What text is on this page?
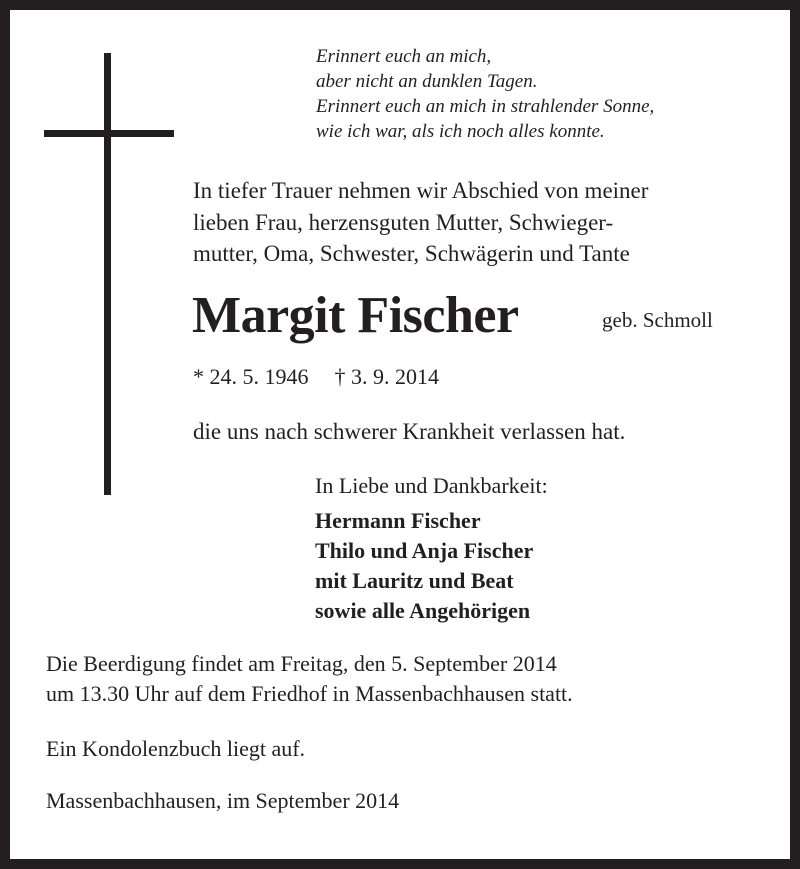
Erinnert euch an mich,
aber nicht an dunklen Tagen.
Erinnert euch an mich in strahlender Sonne,
wie ich war, als ich noch alles konnte.
In tiefer Trauer nehmen wir Abschied von meiner
lieben Frau, herzensguten Mutter, Schwieger-
mutter, Oma, Schwester, Schwägerin und Tante
Margit Fischer	geb. Schmoll
* 24. 5. 1946 † 3. 9. 2014
die uns nach schwerer Krankheit verlassen hat.
In Liebe und Dankbarkeit:
Hermann Fischer
Thilo und Anja Fischer
mit Lauritz und Beat
sowie alle Angehörigen
Die Beerdigung findet am Freitag, den 5. September 2014
um 13.30 Uhr auf dem Friedhof in Massenbachhausen statt.
Ein Kondolenzbuch liegt auf.
Massenbachhausen, im September 2014
